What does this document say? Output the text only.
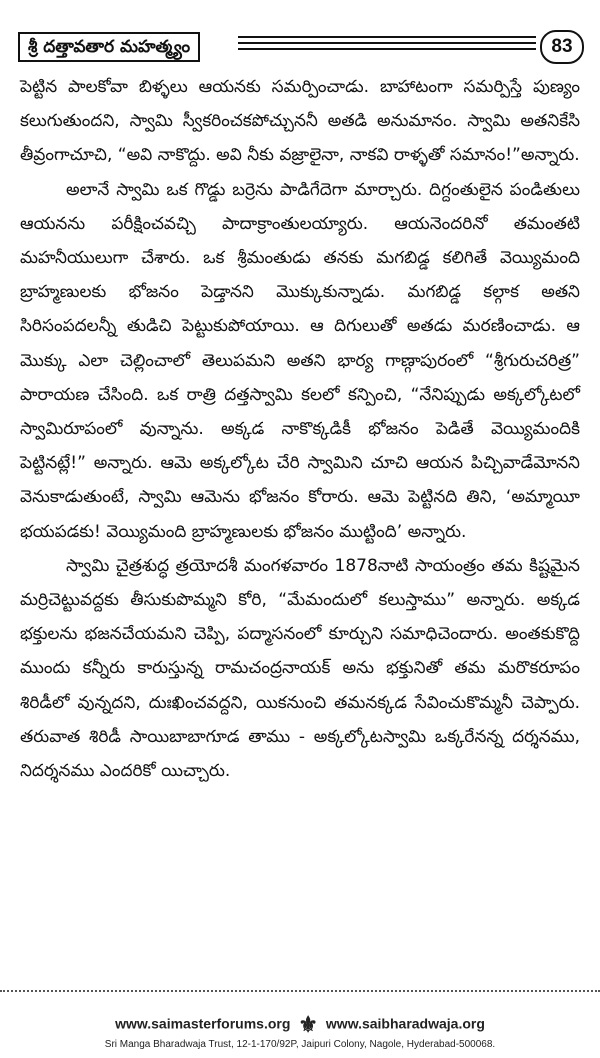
శ్రీ దత్తావతార మహత్మ్యం	83

పెట్టిన పాలకోవా బిళ్ళలు ఆయనకు సమర్పించాడు. బాహాటంగా సమర్పిస్తే పుణ్యం కలుగుతుందని, స్వామి స్వీకరించకపోచ్చుననీ అతడి అనుమానం. స్వామి అతనికేసి తీవ్రంగాచూచి, “అవి నాకొద్దు. అవి నీకు వజ్రాలైనా, నాకవి రాళ్ళతో సమానం!”అన్నారు.

అలానే స్వామి ఒక గొడ్డు బర్రెను పాడిగేదెగా మార్చారు. దిగ్దంతులైన పండితులు ఆయనను పరీక్షించవచ్చి పాదాక్రాంతులయ్యారు. ఆయనెందరినో తమంతటి మహనీయులుగా చేశారు. ఒక శ్రీమంతుడు తనకు మగబిడ్డ కలిగితే వెయ్యిమంది బ్రాహ్మణులకు భోజనం పెడ్తానని మొక్కుకున్నాడు. మగబిడ్డ కల్గాక అతని సిరిసంపదలన్నీ తుడిచి పెట్టుకుపోయాయి. ఆ దిగులుతో అతడు మరణించాడు. ఆ మొక్కు ఎలా చెల్లించాలో తెలుపమని అతని భార్య గాణ్గాపురంలో “శ్రీగురుచరిత్ర” పారాయణ చేసింది. ఒక రాత్రి దత్తస్వామి కలలో కన్పించి, “నేనిప్పుడు అక్కల్కోటలో స్వామిరూపంలో వున్నాను. అక్కడ నాకొక్కడికీ భోజనం పెడితే వెయ్యిమందికి పెట్టినట్లే!” అన్నారు. ఆమె అక్కల్కోట చేరి స్వామిని చూచి ఆయన పిచ్చివాడేమోనని వెనుకాడుతుంటే, స్వామి ఆమెను భోజనం కోరారు. ఆమె పెట్టినది తిని, ‘అమ్మాయీ భయపడకు! వెయ్యిమంది బ్రాహ్మణులకు భోజనం ముట్టింది’ అన్నారు.

స్వామి చైత్రశుద్ధ త్రయోదశీ మంగళవారం 1878నాటి సాయంత్రం తమ కిష్టమైన మర్రిచెట్టువద్దకు తీసుకుపొమ్మని కోరి, “మేమందులో కలుస్తాము” అన్నారు. అక్కడ భక్తులను భజనచేయమని చెప్పి, పద్మాసనంలో కూర్చుని సమాధిచెందారు. అంతకుకొద్ది ముందు కన్నీరు కారుస్తున్న రామచంద్రనాయక్ అను భక్తునితో తమ మరొకరూపం శిరిడీలో వున్నదని, దుఃఖించవద్దని, యికనుంచి తమనక్కడ సేవించుకొమ్మనీ చెప్పారు. తరువాత శిరిడీ సాయిబాబాగూడ తాము - అక్కల్కోటస్వామి ఒక్కరేనన్న దర్శనము, నిదర్శనము ఎందరికో యిచ్చారు.

www.saimasterforums.org ⚜ www.saibharadwaja.org
Sri Manga Bharadwaja Trust, 12-1-170/92P, Jaipuri Colony, Nagole, Hyderabad-500068.
